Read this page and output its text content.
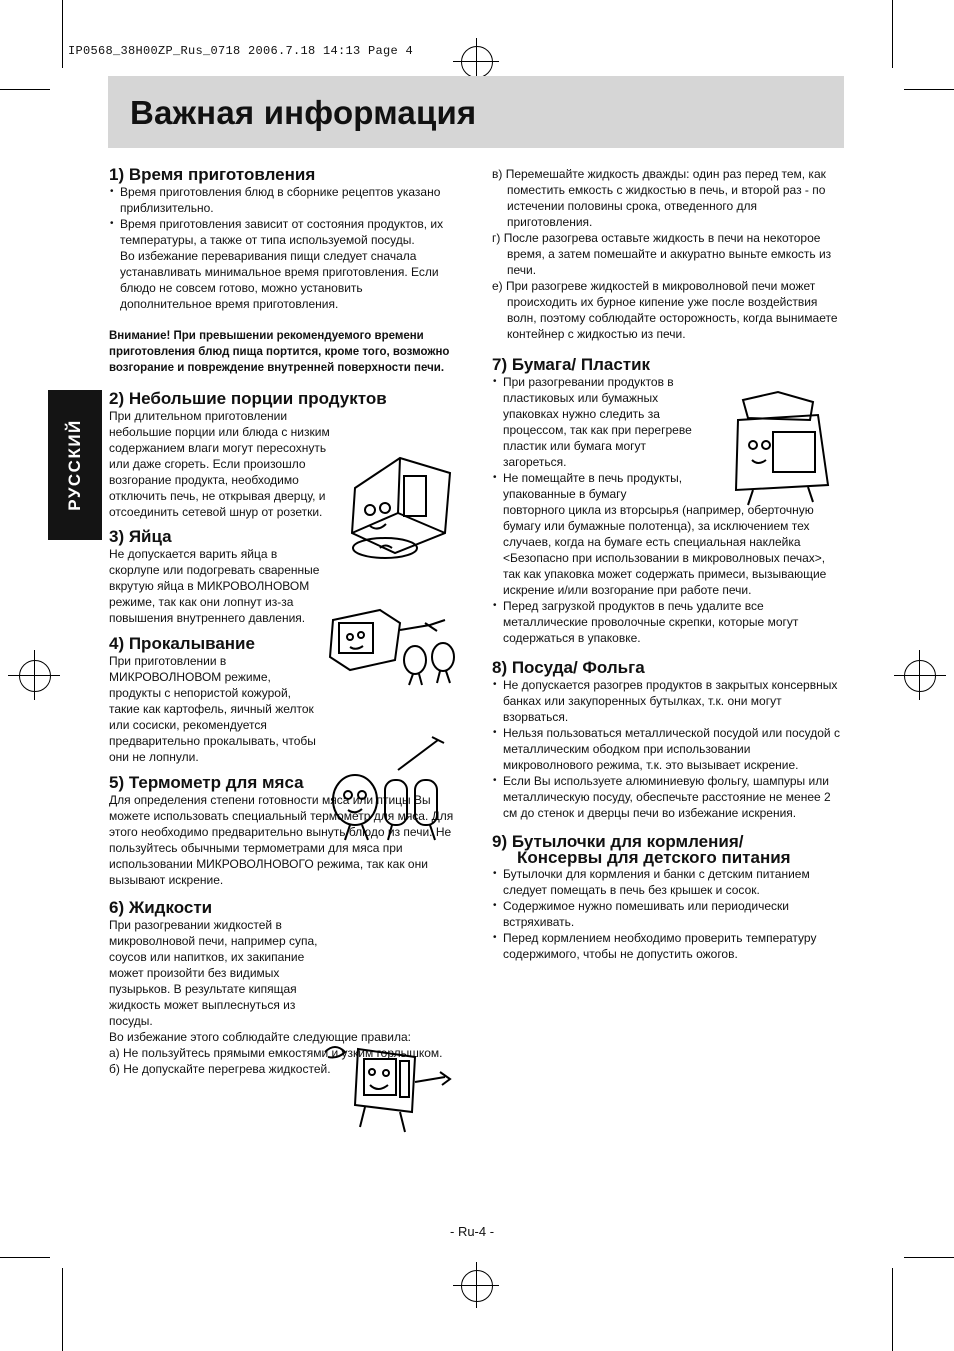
IP0568_38H00ZP_Rus_0718 2006.7.18 14:13 Page 4
Важная информация
РУССКИЙ
1) Время приготовления

• Время приготовления блюд в сборнике рецептов указано приблизительно.

• Время приготовления зависит от состояния продуктов, их температуры, а также от типа используемой посуды.

Во избежание переваривания пищи следует сначала устанавливать минимальное время приготовления. Если блюдо не совсем готово, можно установить дополнительное время приготовления.

Внимание! При превышении рекомендуемого времени приготовления блюд пища портится, кроме того, возможно возгорание и повреждение внутренней поверхности печи.

2) Небольшие порции продуктов

При длительном приготовлении небольшие порции или блюда с низким содержанием влаги могут пересохнуть или даже сгореть. Если произошло возгорание продукта, необходимо отключить печь, не открывая дверцу, и отсоединить сетевой шнур от розетки.

3) Яйца

Не допускается варить яйца в скорлупе или подогревать сваренные вкрутую яйца в МИКРОВОЛНОВОМ режиме, так как они лопнут из-за повышения внутреннего давления.

4) Прокалывание

При приготовлении в МИКРОВОЛНОВОМ режиме, продукты с непористой кожурой, такие как картофель, яичный желток или сосиски, рекомендуется предварительно прокалывать, чтобы они не лопнули.

5) Термометр для мяса

Для определения степени готовности мяса или птицы Вы можете использовать специальный термометр для мяса. Для этого необходимо предварительно вынуть блюдо из печи. Не пользуйтесь обычными термометрами для мяса при использовании МИКРОВОЛНОВОГО режима, так как они вызывают искрение.

6) Жидкости

При разогревании жидкостей в микроволновой печи, например супа, соусов или напитков, их закипание может произойти без видимых пузырьков. В результате кипящая жидкость может выплеснуться из посуды.

Во избежание этого соблюдайте следующие правила:

а) Не пользуйтесь прямыми емкостями и узким горлышком.

б) Не допускайте перегрева жидкостей.

в) Перемешайте жидкость дважды: один раз перед тем, как поместить емкость с жидкостью в печь, и второй раз - по истечении половины срока, отведенного для приготовления.

г) После разогрева оставьте жидкость в печи на некоторое время, а затем помешайте и аккуратно выньте емкость из печи.

е) При разогреве жидкостей в микроволновой печи может происходить их бурное кипение уже после воздействия волн, поэтому соблюдайте осторожность, когда вынимаете контейнер с жидкостью из печи.

7) Бумага/ Пластик

• При разогревании продуктов в пластиковых или бумажных упаковках нужно следить за процессом, так как при перегреве пластик или бумага могут загореться.

• Не помещайте в печь продукты, упакованные в бумагу
повторного цикла из вторсырья (например, оберточную бумагу или бумажные полотенца), за исключением тех случаев, когда на бумаге есть специальная наклейка <Безопасно при использовании в микроволновых печах>, так как упаковка может содержать примеси, вызывающие искрение и/или возгорание при работе печи.

• Перед загрузкой продуктов в печь удалите все металлические проволочные скрепки, которые могут содержаться в упаковке.

8) Посуда/ Фольга

• Не допускается разогрев продуктов в закрытых консервных банках или закупоренных бутылках, т.к. они могут взорваться.

• Нельзя пользоваться металлической посудой или посудой с металлическим ободком при использовании микроволнового режима, т.к. это вызывает искрение.

• Если Вы используете алюминиевую фольгу, шампуры или металлическую посуду, обеспечьте расстояние не менее 2 см до стенок и дверцы печи во избежание искрения.

9) Бутылочки для кормления/
Консервы для детского питания

• Бутылочки для кормления и банки с детским питанием следует помещать в печь без крышек и сосок.

• Содержимое нужно помешивать или периодически встряхивать.

• Перед кормлением необходимо проверить температуру содержимого, чтобы не допустить ожогов.

- Ru-4 -
